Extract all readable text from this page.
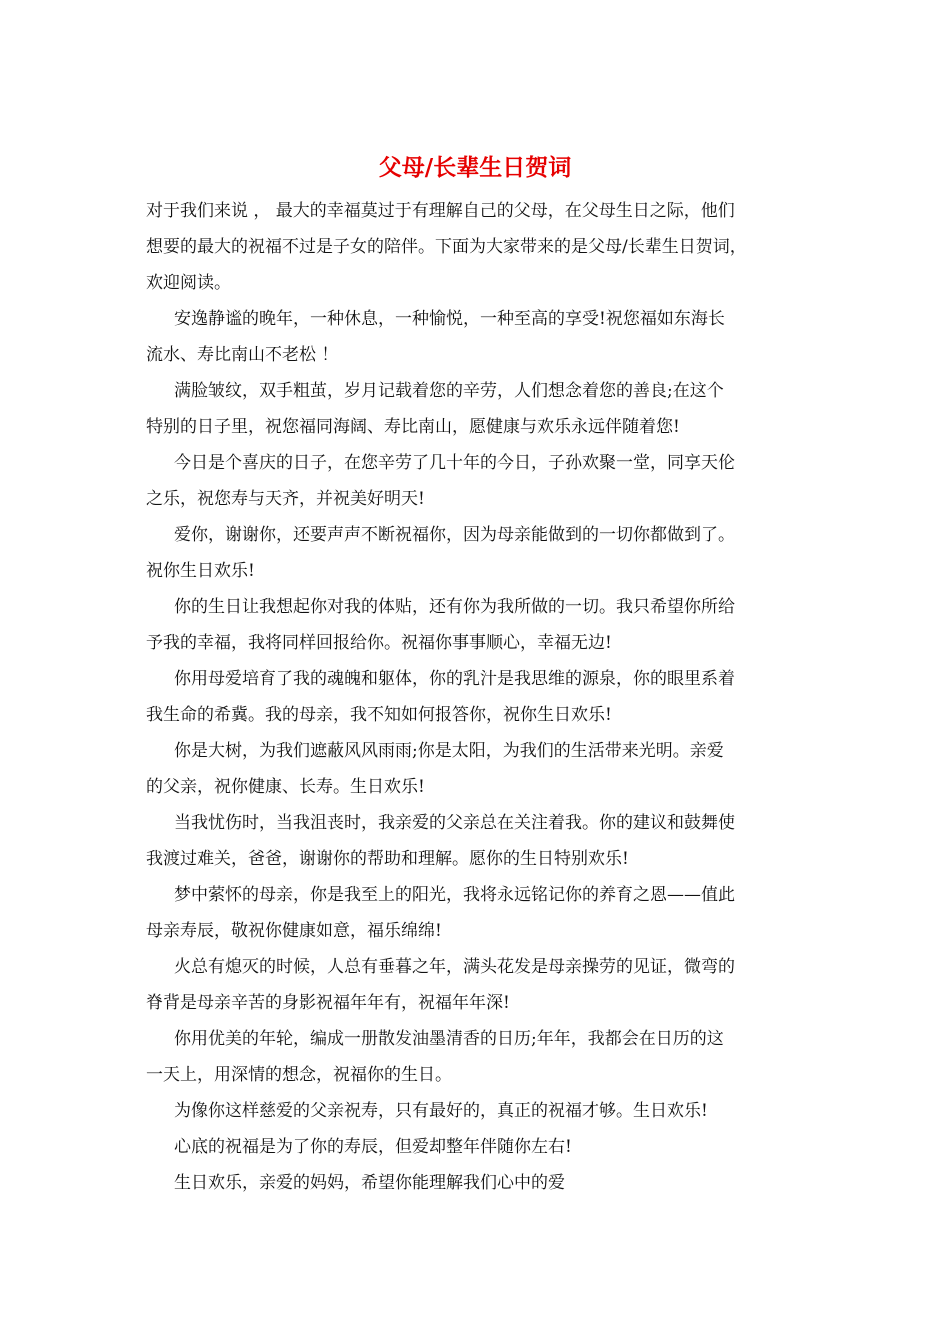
父母/长辈生日贺词

对于我们来说 ， 最大的幸福莫过于有理解自己的父母，在父母生日之际，他们
想要的最大的祝福不过是子女的陪伴。下面为大家带来的是父母/长辈生日贺词，
欢迎阅读。

安逸静谧的晚年，一种休息，一种愉悦，一种至高的享受!祝您福如东海长
流水、寿比南山不老松 ！

满脸皱纹，双手粗茧，岁月记载着您的辛劳，人们想念着您的善良;在这个
特别的日子里，祝您福同海阔、寿比南山，愿健康与欢乐永远伴随着您!

今日是个喜庆的日子，在您辛劳了几十年的今日，子孙欢聚一堂，同享天伦
之乐，祝您寿与天齐，并祝美好明天!

爱你，谢谢你，还要声声不断祝福你，因为母亲能做到的一切你都做到了。
祝你生日欢乐!

你的生日让我想起你对我的体贴，还有你为我所做的一切。我只希望你所给
予我的幸福，我将同样回报给你。祝福你事事顺心，幸福无边!

你用母爱培育了我的魂魄和躯体，你的乳汁是我思维的源泉，你的眼里系着
我生命的希冀。我的母亲，我不知如何报答你，祝你生日欢乐!

你是大树，为我们遮蔽风风雨雨;你是太阳，为我们的生活带来光明。亲爱
的父亲，祝你健康、长寿。生日欢乐!

当我忧伤时，当我沮丧时，我亲爱的父亲总在关注着我。你的建议和鼓舞使
我渡过难关，爸爸，谢谢你的帮助和理解。愿你的生日特别欢乐!

梦中萦怀的母亲，你是我至上的阳光，我将永远铭记你的养育之恩——值此
母亲寿辰，敬祝你健康如意，福乐绵绵!

火总有熄灭的时候，人总有垂暮之年，满头花发是母亲操劳的见证，微弯的
脊背是母亲辛苦的身影祝福年年有，祝福年年深!

你用优美的年轮，编成一册散发油墨清香的日历;年年，我都会在日历的这
一天上，用深情的想念，祝福你的生日。

为像你这样慈爱的父亲祝寿，只有最好的，真正的祝福才够。生日欢乐!

心底的祝福是为了你的寿辰，但爱却整年伴随你左右!

生日欢乐，亲爱的妈妈，希望你能理解我们心中的爱
